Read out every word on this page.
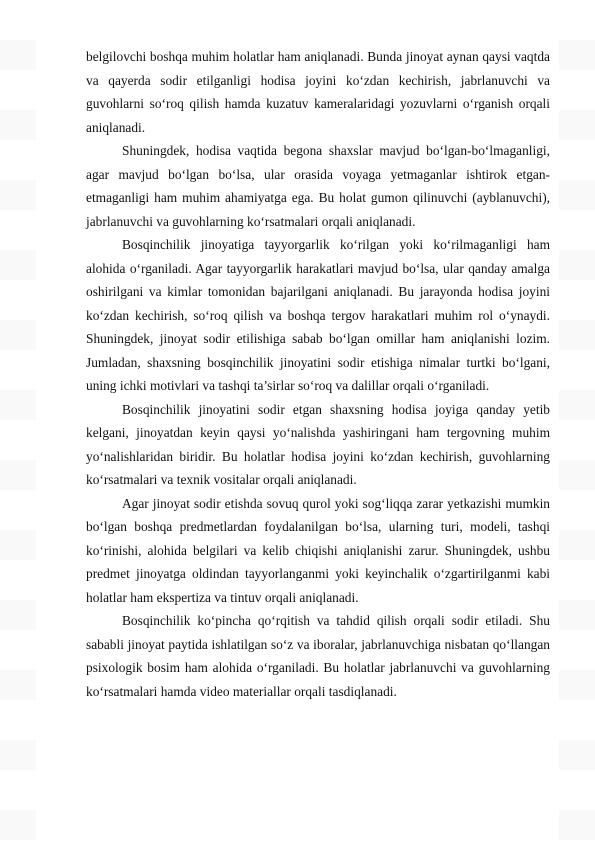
belgilovchi boshqa muhim holatlar ham aniqlanadi. Bunda jinoyat aynan qaysi vaqtda va qayerda sodir etilganligi hodisa joyini ko‘zdan kechirish, jabrlanuvchi va guvohlarni so‘roq qilish hamda kuzatuv kameralaridagi yozuvlarni o‘rganish orqali aniqlanadi.

Shuningdek, hodisa vaqtida begona shaxslar mavjud bo‘lgan-bo‘lmaganligi, agar mavjud bo‘lgan bo‘lsa, ular orasida voyaga yetmaganlar ishtirok etgan-etmaganligi ham muhim ahamiyatga ega. Bu holat gumon qilinuvchi (ayblanuvchi), jabrlanuvchi va guvohlarning ko‘rsatmalari orqali aniqlanadi.

Bosqinchilik jinoyatiga tayyorgarlik ko‘rilgan yoki ko‘rilmaganligi ham alohida o‘rganiladi. Agar tayyorgarlik harakatlari mavjud bo‘lsa, ular qanday amalga oshirilgani va kimlar tomonidan bajarilgani aniqlanadi. Bu jarayonda hodisa joyini ko‘zdan kechirish, so‘roq qilish va boshqa tergov harakatlari muhim rol o‘ynaydi. Shuningdek, jinoyat sodir etilishiga sabab bo‘lgan omillar ham aniqlanishi lozim. Jumladan, shaxsning bosqinchilik jinoyatini sodir etishiga nimalar turtki bo‘lgani, uning ichki motivlari va tashqi ta’sirlar so‘roq va dalillar orqali o‘rganiladi.

Bosqinchilik jinoyatini sodir etgan shaxsning hodisa joyiga qanday yetib kelgani, jinoyatdan keyin qaysi yo‘nalishda yashiringani ham tergovning muhim yo‘nalishlaridan biridir. Bu holatlar hodisa joyini ko‘zdan kechirish, guvohlarning ko‘rsatmalari va texnik vositalar orqali aniqlanadi.

Agar jinoyat sodir etishda sovuq qurol yoki sog‘liqqa zarar yetkazishi mumkin bo‘lgan boshqa predmetlardan foydalanilgan bo‘lsa, ularning turi, modeli, tashqi ko‘rinishi, alohida belgilari va kelib chiqishi aniqlanishi zarur. Shuningdek, ushbu predmet jinoyatga oldindan tayyorlanganmi yoki keyinchalik o‘zgartirilganmi kabi holatlar ham ekspertiza va tintuv orqali aniqlanadi.

Bosqinchilik ko‘pincha qo‘rqitish va tahdid qilish orqali sodir etiladi. Shu sababli jinoyat paytida ishlatilgan so‘z va iboralar, jabrlanuvchiga nisbatan qo‘llangan psixologik bosim ham alohida o‘rganiladi. Bu holatlar jabrlanuvchi va guvohlarning ko‘rsatmalari hamda video materiallar orqali tasdiqlanadi.
